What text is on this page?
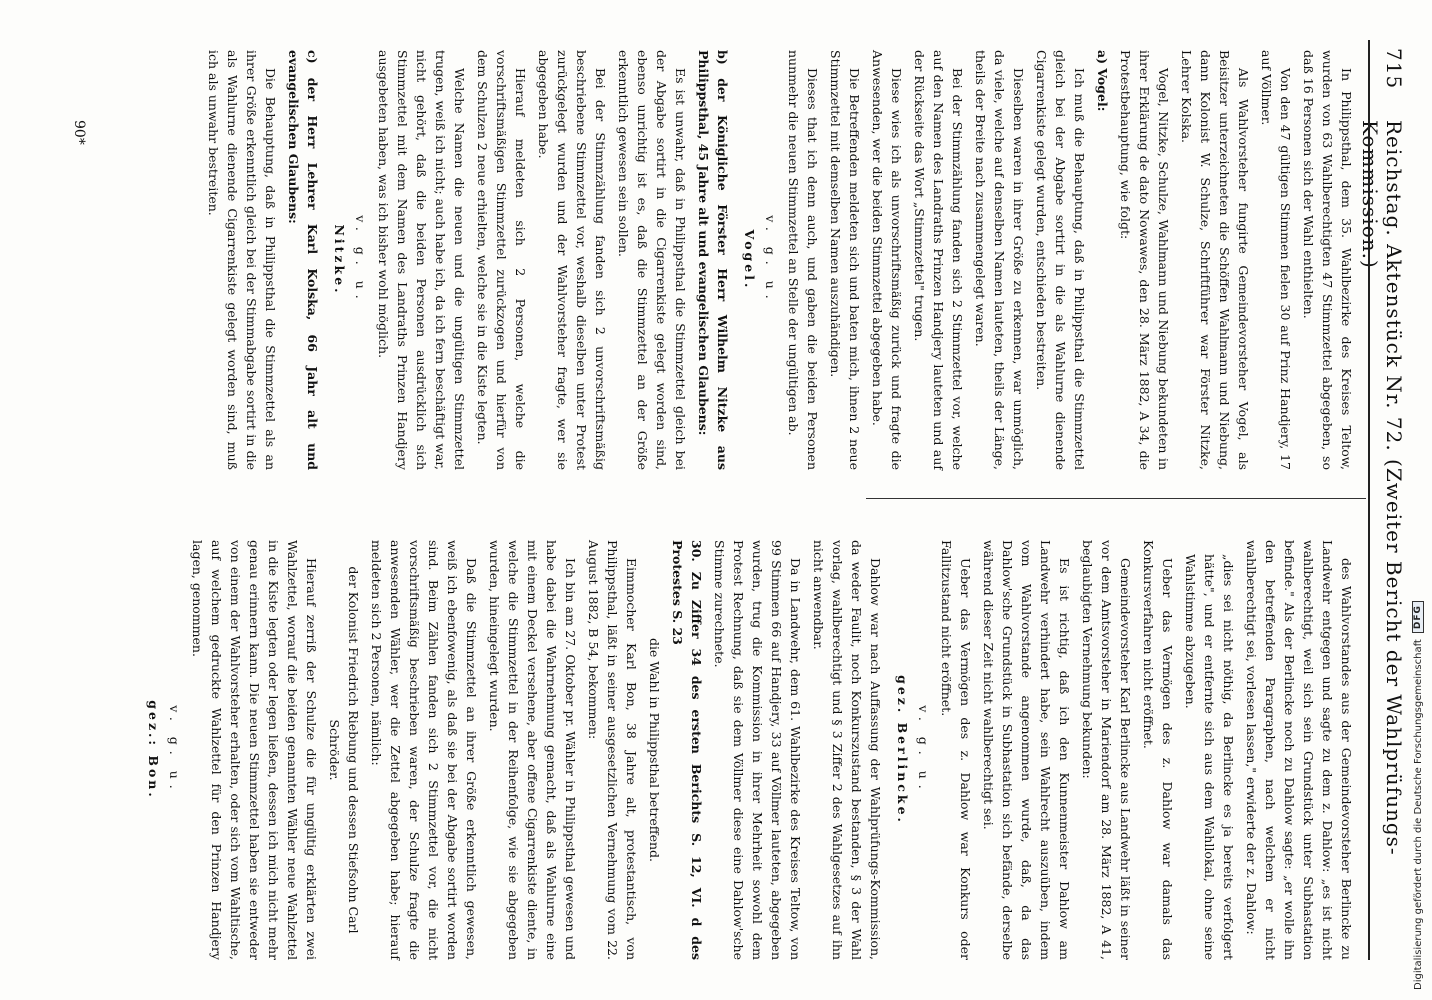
715
Reichstag. Aktenstück Nr. 72. (Zweiter Bericht der Wahlprüfungs-Kommission.)

In Philippsthal, dem 35. Wahlbezirke des Kreises Teltow, wurden von 63 Wahlberechtigten 47 Stimmzettel abgegeben, so daß 16 Personen sich der Wahl enthielten.

Von den 47 gültigen Stimmen fielen 30 auf Prinz Handjery, 17 auf Völlmer.

Als Wahlvorsteher fungirte Gemeindevorsteher Vogel, als Beisitzer unterzeichneten die Schöffen Wahlmann und Niebung, dann Kolonist W. Schulze, Schriftführer war Förster Nitzke, Lehrer Kolska.

Vogel, Nitzke, Schulze, Wahlmann und Niebung bekundeten in ihrer Erklärung de dato Nowawes, den 28. März 1882, A 34, die Protestbehauptung, wie folgt:

a) Vogel:

Ich muß die Behauptung, daß in Philippsthal die Stimmzettel gleich bei der Abgabe sortirt in die als Wahlurne dienende Cigarrenkiste gelegt wurden, entschieden bestreiten.

Dieselben waren in ihrer Größe zu erkennen, war unmöglich, da viele, welche auf denselben Namen lauteten, theils der Länge, theils der Breite nach zusammengelegt waren.

Bei der Stimmzählung fanden sich 2 Stimmzettel vor, welche auf den Namen des Landraths Prinzen Handjery lauteten und auf der Rückseite das Wort „Stimmzettel" trugen.

Diese wies ich als unvorschriftsmäßig zurück und fragte die Anwesenden, wer die beiden Stimmzettel abgegeben habe.

Die Betreffenden meldeten sich und baten mich, ihnen 2 neue Stimmzettel mit demselben Namen auszuhändigen.

Dieses that ich denn auch, und gaben die beiden Personen nunmehr die neuen Stimmzettel an Stelle der ungültigen ab.

v. g. u.

Vogel.

b) der Königliche Förster Herr Wilhelm Nitzke aus Philippsthal, 45 Jahre alt und evangelischen Glaubens:

Es ist unwahr, daß in Philippsthal die Stimmzettel gleich bei der Abgabe sortirt in die Cigarrenkiste gelegt worden sind, ebenso unrichtig ist es, daß die Stimmzettel an der Größe erkenntlich gewesen sein sollen.

Bei der Stimmzählung fanden sich 2 unvorschriftsmäßig beschriebene Stimmzettel vor, weshalb dieselben unter Protest zurückgelegt wurden und der Wahlvorsteher fragte, wer sie abgegeben habe.

Hierauf meldeten sich 2 Personen, welche die vorschriftsmäßigen Stimmzettel zurückzogen und hierfür von dem Schulzen 2 neue erhielten, welche sie in die Kiste legten.

Welche Namen die neuen und die ungültigen Stimmzettel trugen, weiß ich nicht; auch habe ich, da ich fern beschäftigt war, nicht gehört, daß die beiden Personen ausdrücklich sich Stimmzettel mit dem Namen des Landraths Prinzen Handjery ausgebeten haben, was ich bisher wohl möglich.

v. g. u.

Nitzke.

c) der Herr Lehrer Karl Kolska, 66 Jahr alt und evangelischen Glaubens:

Die Behauptung, daß in Philippsthal die Stimmzettel als an ihrer Größe erkenntlich gleich bei der Stimmabgabe sortirt in die als Wahlurne dienende Cigarrenkiste gelegt worden sind, muß ich als unwahr bestreiten.

des Wahlvorstandes aus der Gemeindevorsteher Berlincke zu Landwehr entgegen und sagte zu dem z. Dahlow: „es ist nicht wahlberechtigt, weil sich sein Grundstück unter Subhastation befinde." Als der Berlincke noch zu Dahlow sagte: „er wolle ihn den betreffenden Paragraphen, nach welchem er nicht wahlberechtigt sei, vorlesen lassen," erwiderte der z. Dahlow:

„dies sei nicht nöthig, da Berlincke es ja bereits verfolgert hätte", und er entfernte sich aus dem Wahllokal, ohne seine Wahlstimme abzugeben.

Ueber das Vermögen des z. Dahlow war damals das Konkursverfahren nicht eröffnet.

Gemeindevorsteher Karl Berlincke aus Landwehr läßt in seiner vor dem Amtsvorsteher in Mariendorf am 28. März 1882, A 41, beglaubigten Vernehmung bekunden:

Es ist richtig, daß ich den Kunnenmeister Dahlow am Landwehr verhindert habe, sein Wahlrecht auszuüben, indem vom Wahlvorstande angenommen wurde, daß, da das Dahlow'sche Grundstück in Subhastation sich befände, derselbe während dieser Zeit nicht wahlberechtigt sei.

Ueber das Vermögen des z. Dahlow war Konkurs oder Fallitzustand nicht eröffnet.

v. g. u.

gez. Berlincke.

Dahlow war nach Auffassung der Wahlprüfungs-Kommission, da weder Faulit, noch Konkurszustand bestanden, § 3 der Wahl vorlag, wahlberechtigt und § 3 Ziffer 2 des Wahlgesetzes auf ihn nicht anwendbar.

Da in Landwehr, dem 61. Wahlbezirke des Kreises Teltow, von 99 Stimmen 66 auf Handjery, 33 auf Völlmer lauteten, abgegeben wurden, trug die Kommission in ihrer Mehrheit sowohl dem Protest Rechnung, daß sie dem Völlmer diese eine Dahlow'sche Stimme zurechnete.

30. Zu Ziffer 34 des ersten Berichts S. 12, VI. d des Protestes S. 23

die Wahl in Philippsthal betreffend.

Eimmocher Karl Bon, 38 Jahre alt, protestantisch, von Philippsthal, läßt in seiner ausgesetzlichen Vernehmung vom 22. August 1882, B 54, bekommen:

Ich bin am 27. Oktober pr. Wähler in Philippsthal gewesen und habe dabei die Wahrnehmung gemacht, daß als Wahlurne eine mit einem Deckel versehene, aber offene Cigarrenkiste diente, in welche die Stimmzettel in der Reihenfolge, wie sie abgegeben wurden, hineingelegt wurden.

Daß die Stimmzettel an ihrer Größe erkenntlich gewesen, weiß ich ebenfowenig, als daß sie bei der Abgabe sortirt worden sind. Beim Zählen fanden sich 2 Stimmzettel vor, die nicht vorschriftsmäßig beschrieben waren, der Schulze fragte die anwesenden Wähler, wer die Zettel abgegeben habe; hierauf meldeten sich 2 Personen, nämlich:

der Kolonist Friedrich Riebung und dessen Stiefsohn Carl Schröder.

Hierauf zerriß der Schulze die für ungültig erklärten zwei Wahlzettel, worauf die beiden genannten Wähler neue Wahlzettel in die Kiste legten oder legen ließen, dessen ich mich nicht mehr genau erinnern kann. Die neuen Stimmzettel haben sie entweder von einem der Wahlvorsteher erhalten, oder sich vom Wahltische, auf welchem gedruckte Wahlzettel für den Prinzen Handjery lagen, genommen.

v. g. u.

gez.: Bon.

90*
Digitalisierung gefördert durch die Deutsche Forschungsgemeinschaft
DFG
